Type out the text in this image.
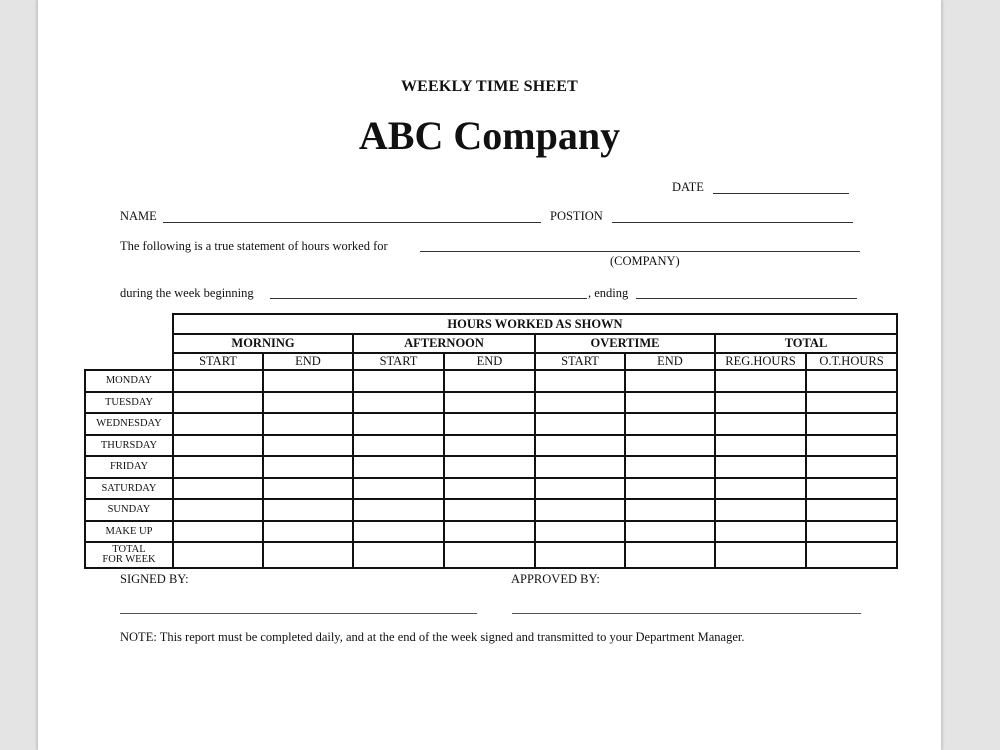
WEEKLY TIME SHEET
ABC Company
DATE
NAME	POSTION
The following is a true statement of hours worked for
(COMPANY)
during the week beginning	, ending
	HOURS WORKED AS SHOWN							
	MORNING		AFTERNOON		OVERTIME		TOTAL	
	START	END	START	END	START	END	REG.HOURS	O.T.HOURS
MONDAY								
TUESDAY								
WEDNESDAY								
THURSDAY								
FRIDAY								
SATURDAY								
SUNDAY								
MAKE UP								

TOTAL
FOR WEEK								

SIGNED BY:	APPROVED BY:
NOTE: This report must be completed daily, and at the end of the week signed and transmitted to your Department Manager.
